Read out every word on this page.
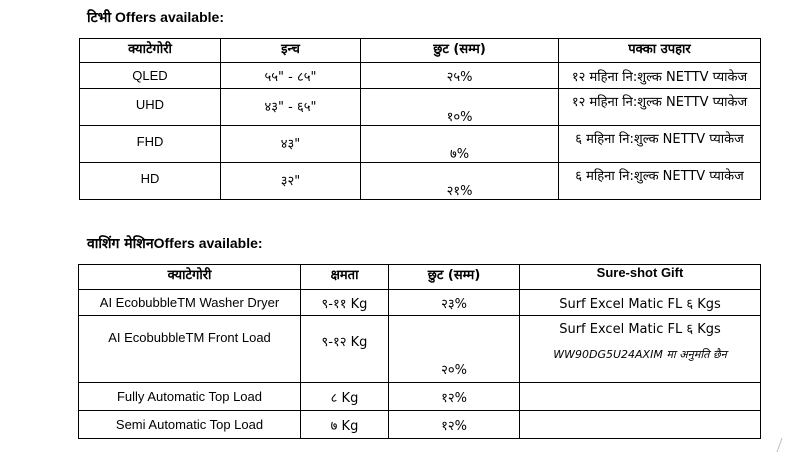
टिभी Offers available:
क्याटेगोरी	इन्च	छुट (सम्म)	पक्का उपहार
QLED	५५" - ८५"	२५%	१२ महिना नि:शुल्क NETTV प्याकेज

UHD	४३" - ६५"	१०%	१२ महिना नि:शुल्क NETTV प्याकेज

FHD	४३"	७%	६ महिना नि:शुल्क NETTV प्याकेज

HD	३२"	२१%	६ महिना नि:शुल्क NETTV प्याकेज
वाशिंग मेशिनOffers available:
क्याटेगोरी	क्षमता	छुट (सम्म)	Sure-shot Gift
AI EcobubbleTM Washer Dryer	९-११ Kg	२३%	Surf Excel Matic FL ६ Kgs

AI EcobubbleTM Front Load	९-१२ Kg	२०%	Surf Excel Matic FL ६ Kgs
WW90DG5U24AXIM मा अनुमति छैन

Fully Automatic Top Load	८ Kg	१२%	
Semi Automatic Top Load	७ Kg	१२%	
